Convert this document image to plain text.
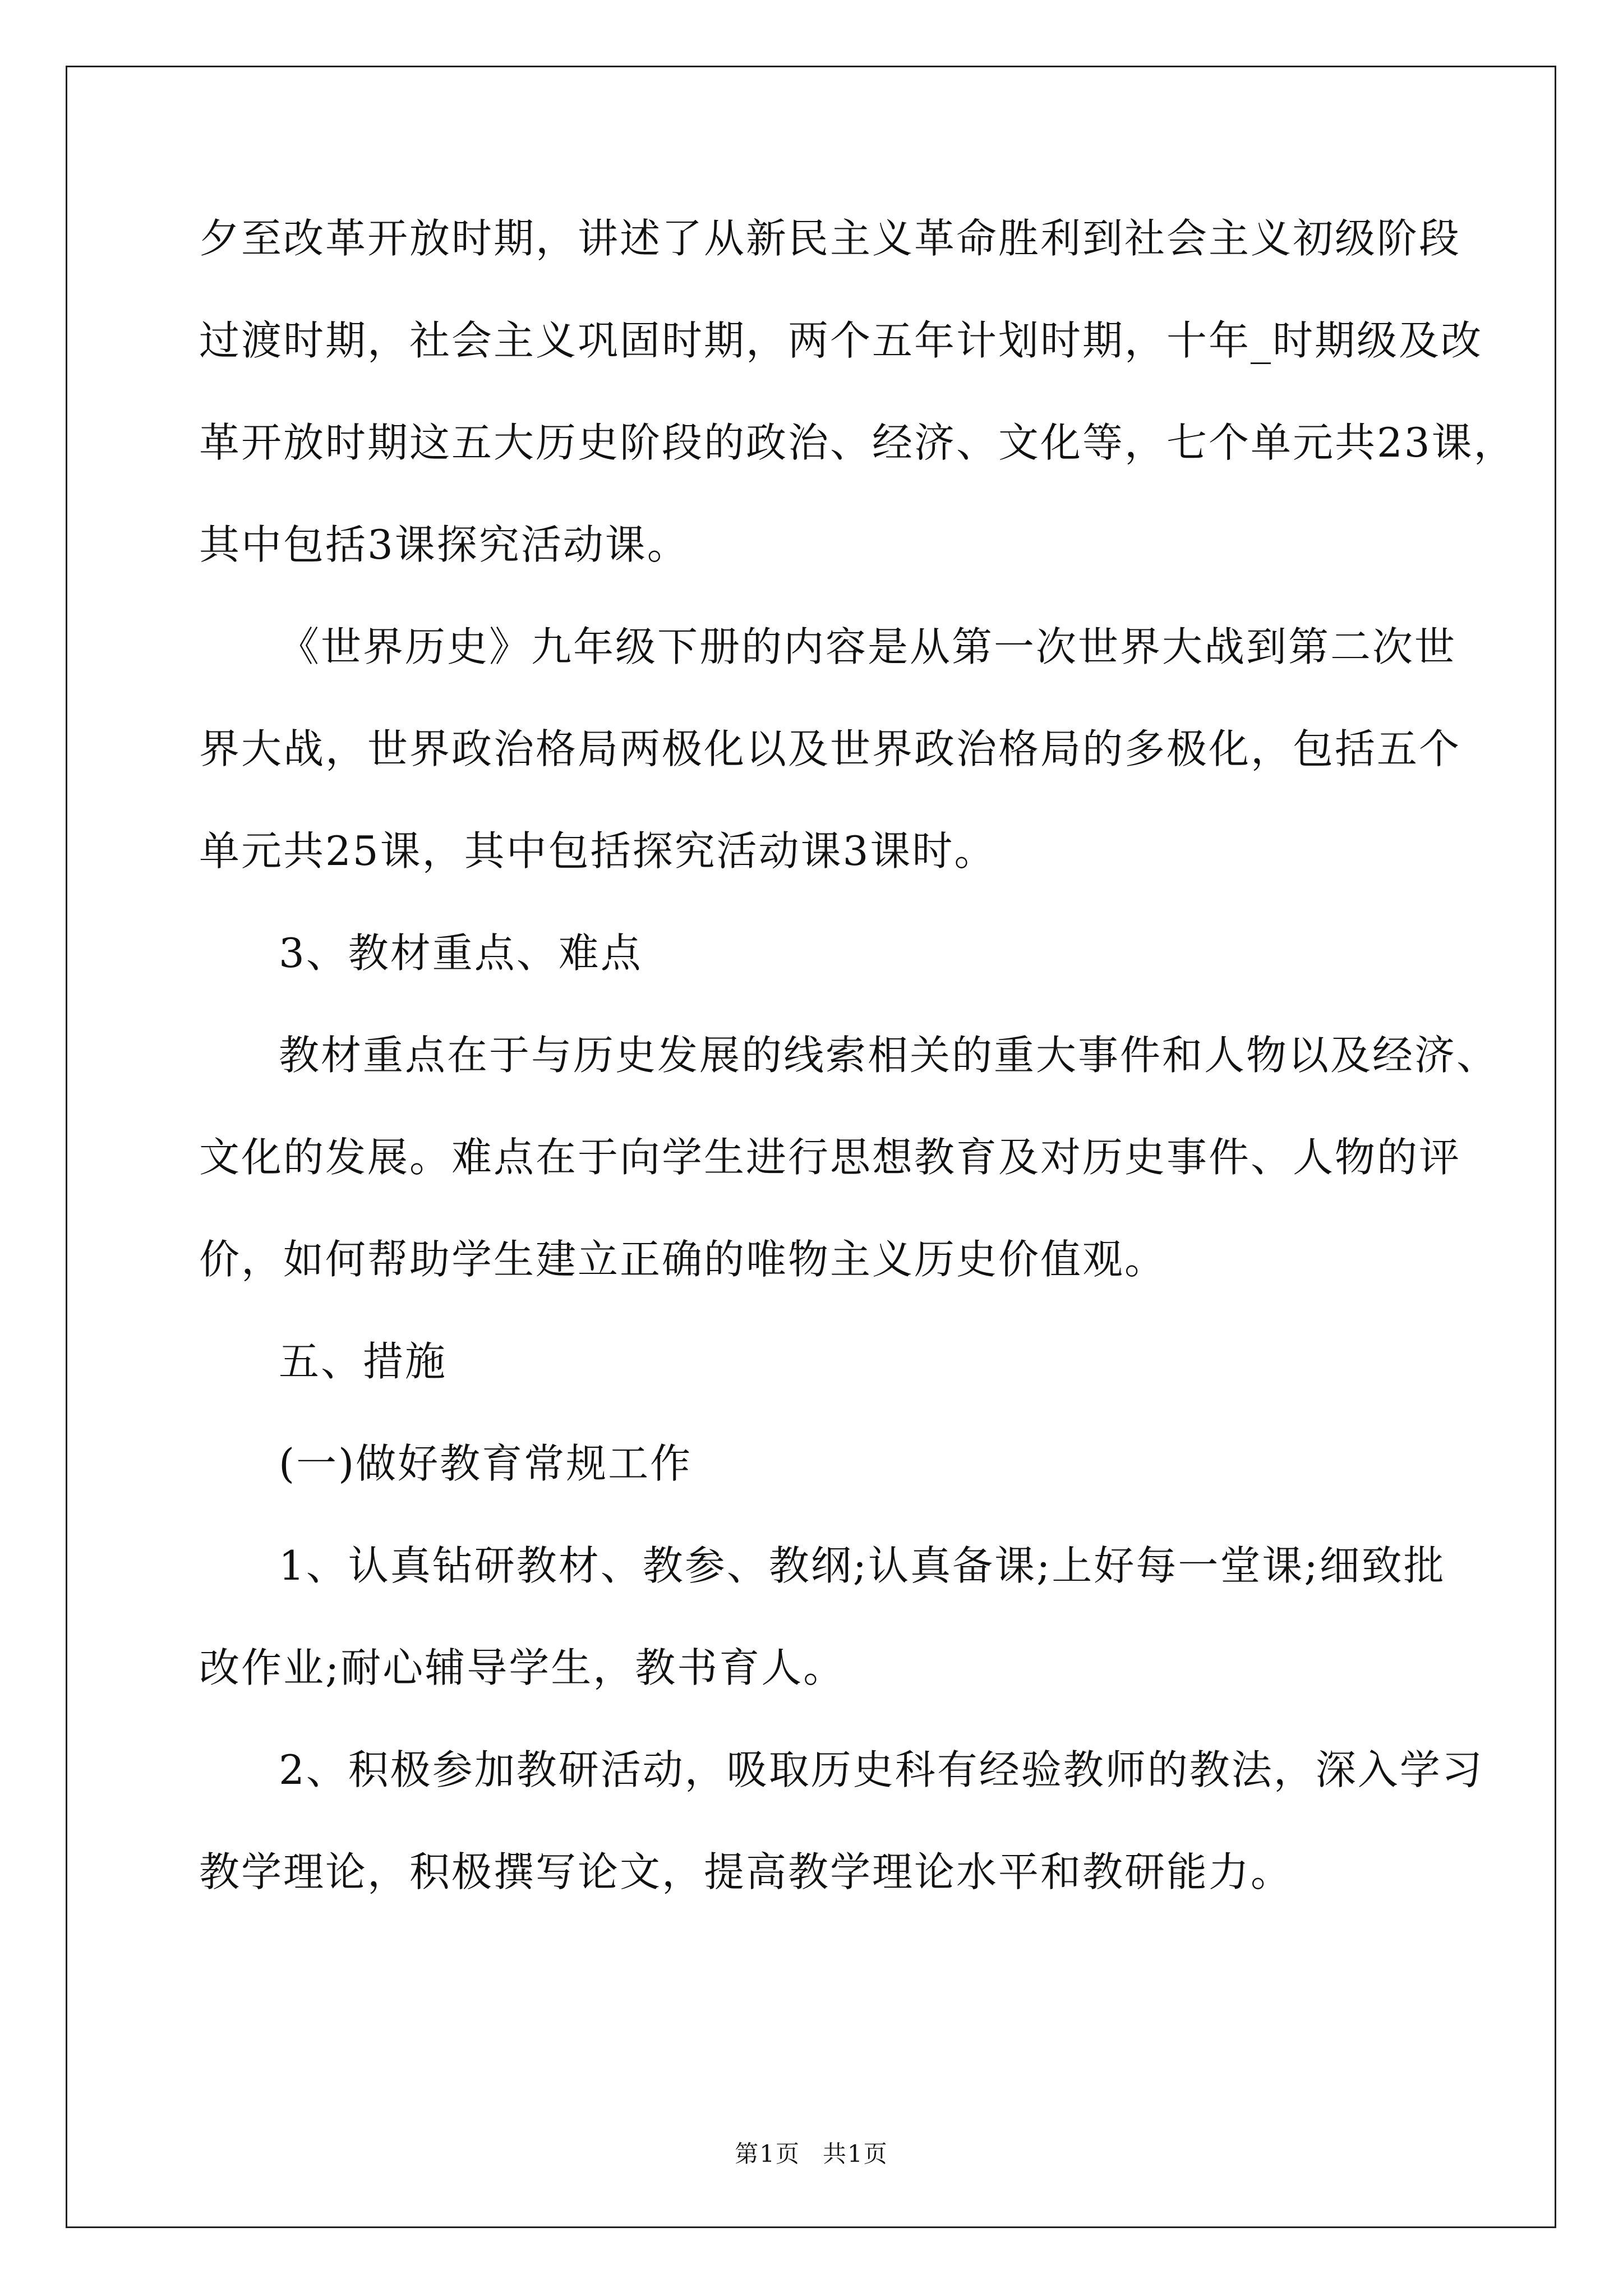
夕至改革开放时期，讲述了从新民主义革命胜利到社会主义初级阶段
过渡时期，社会主义巩固时期，两个五年计划时期，十年_时期级及改
革开放时期这五大历史阶段的政治、经济、文化等，七个单元共23课，
其中包括3课探究活动课。
《世界历史》九年级下册的内容是从第一次世界大战到第二次世
界大战，世界政治格局两极化以及世界政治格局的多极化，包括五个
单元共25课，其中包括探究活动课3课时。
3、教材重点、难点
教材重点在于与历史发展的线索相关的重大事件和人物以及经济、
文化的发展。难点在于向学生进行思想教育及对历史事件、人物的评
价，如何帮助学生建立正确的唯物主义历史价值观。
五、措施
(一)做好教育常规工作
1、认真钻研教材、教参、教纲;认真备课;上好每一堂课;细致批
改作业;耐心辅导学生，教书育人。
2、积极参加教研活动，吸取历史科有经验教师的教法，深入学习
教学理论，积极撰写论文，提高教学理论水平和教研能力。
第1页 共1页
